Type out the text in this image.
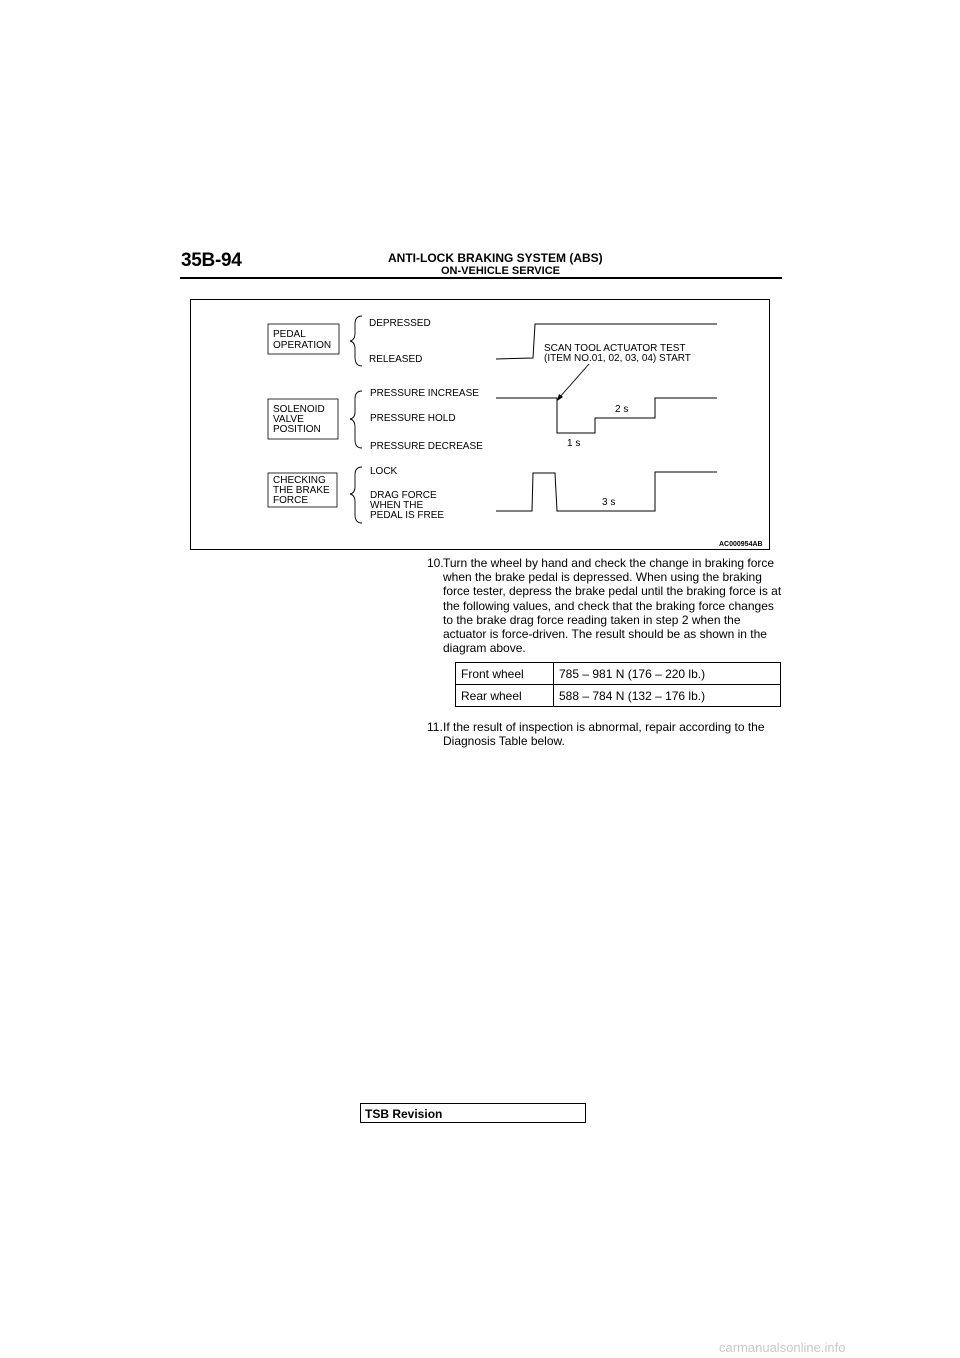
35B-94	ANTI-LOCK BRAKING SYSTEM (ABS)
ON-VEHICLE SERVICE
PEDAL
OPERATION
SOLENOID
VALVE
POSITION
CHECKING
THE BRAKE
FORCE
DEPRESSED
RELEASED
PRESSURE INCREASE
PRESSURE HOLD
PRESSURE DECREASE
LOCK
DRAG FORCE
WHEN THE
PEDAL IS FREE
SCAN TOOL ACTUATOR TEST
(ITEM NO.01, 02, 03, 04) START
2 s
1 s
3 s
AC000954AB
10. Turn the wheel by hand and check the change in braking force when the brake pedal is depressed. When using the braking force tester, depress the brake pedal until the braking force is at the following values, and check that the braking force changes to the brake drag force reading taken in step 2 when the actuator is force-driven. The result should be as shown in the diagram above.
Front wheel	785 – 981 N (176 – 220 lb.)
Rear wheel	588 – 784 N (132 – 176 lb.)
11. If the result of inspection is abnormal, repair according to the Diagnosis Table below.
TSB Revision
carmanualsonline.info
